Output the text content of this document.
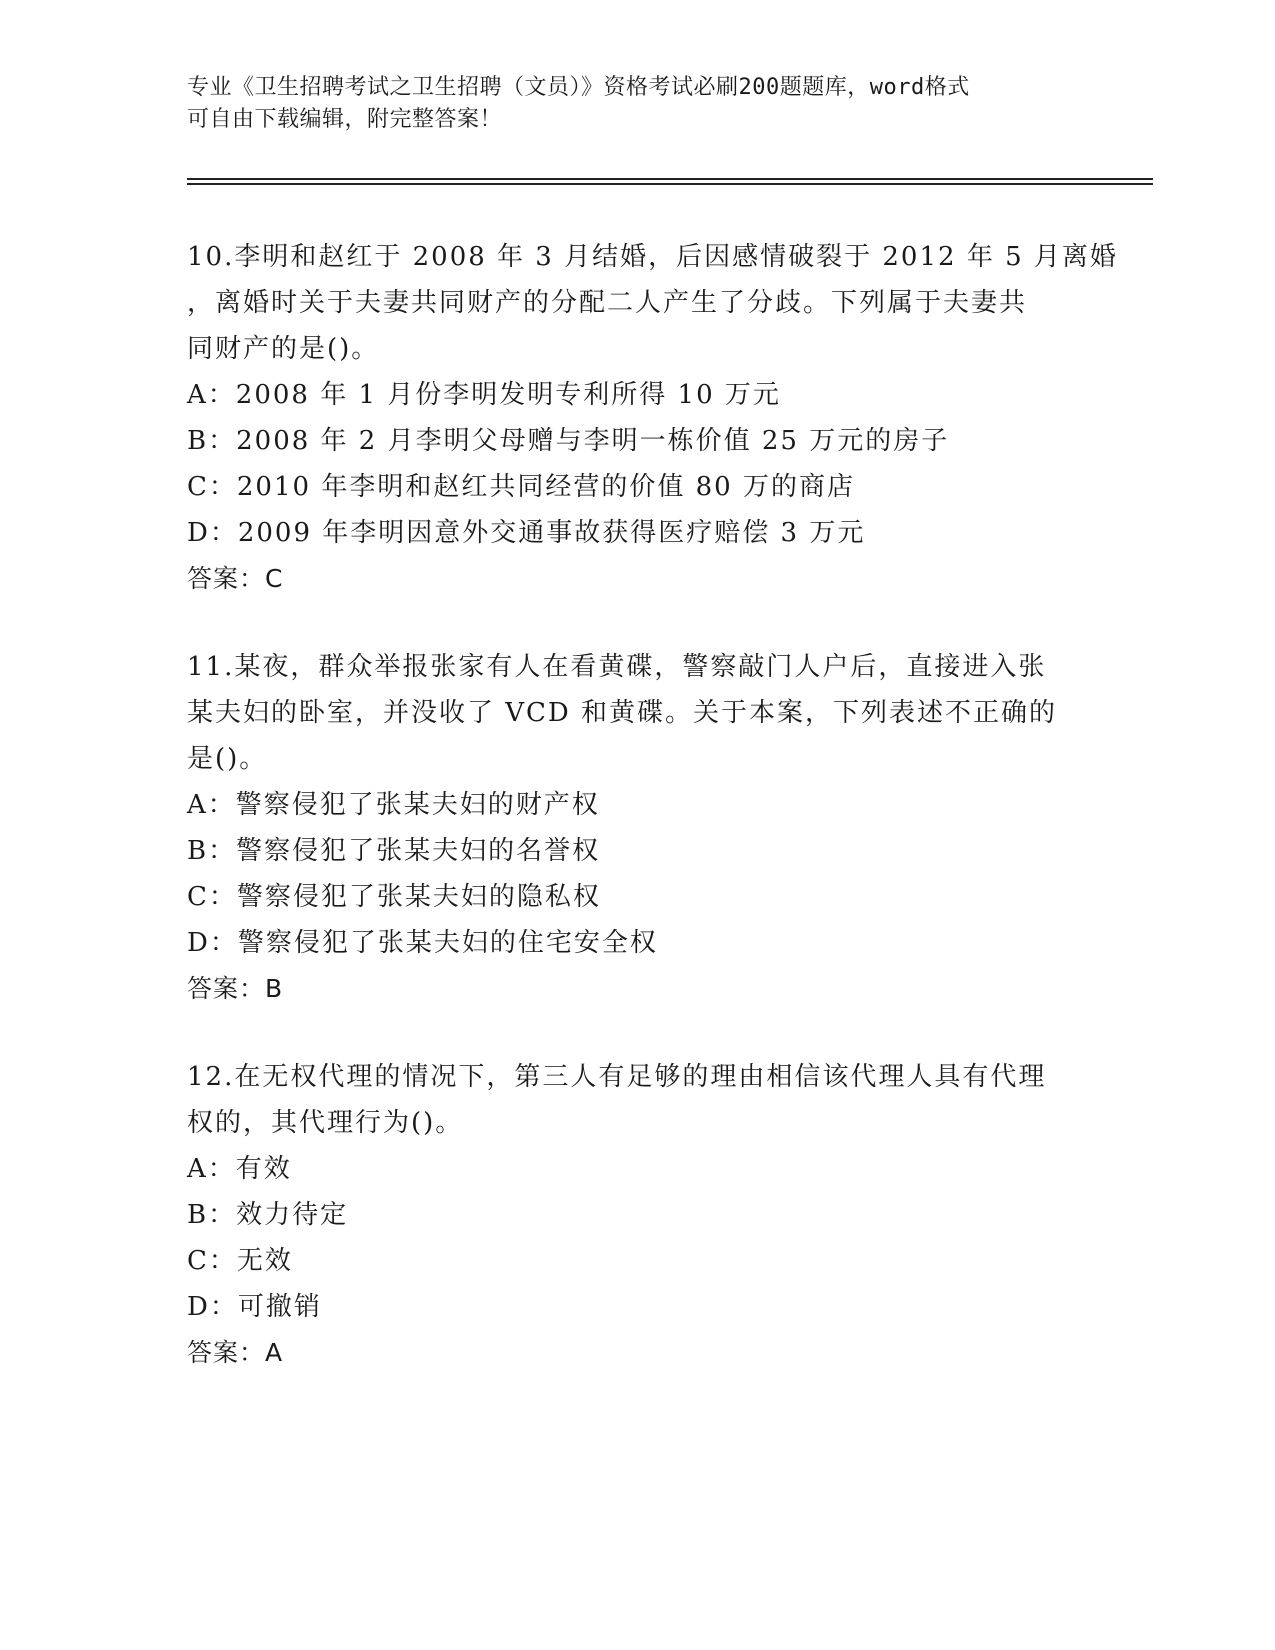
专业《卫生招聘考试之卫生招聘（文员）》资格考试必刷200题题库，word格式
可自由下载编辑，附完整答案！
10.李明和赵红于 2008 年 3 月结婚，后因感情破裂于 2012 年 5 月离婚
，离婚时关于夫妻共同财产的分配二人产生了分歧。下列属于夫妻共
同财产的是()。
A：2008 年 1 月份李明发明专利所得 10 万元
B：2008 年 2 月李明父母赠与李明一栋价值 25 万元的房子
C：2010 年李明和赵红共同经营的价值 80 万的商店
D：2009 年李明因意外交通事故获得医疗赔偿 3 万元
答案：C
11.某夜，群众举报张家有人在看黄碟，警察敲门人户后，直接进入张
某夫妇的卧室，并没收了 VCD 和黄碟。关于本案，下列表述不正确的
是()。
A：警察侵犯了张某夫妇的财产权
B：警察侵犯了张某夫妇的名誉权
C：警察侵犯了张某夫妇的隐私权
D：警察侵犯了张某夫妇的住宅安全权
答案：B
12.在无权代理的情况下，第三人有足够的理由相信该代理人具有代理
权的，其代理行为()。
A：有效
B：效力待定
C：无效
D：可撤销
答案：A
